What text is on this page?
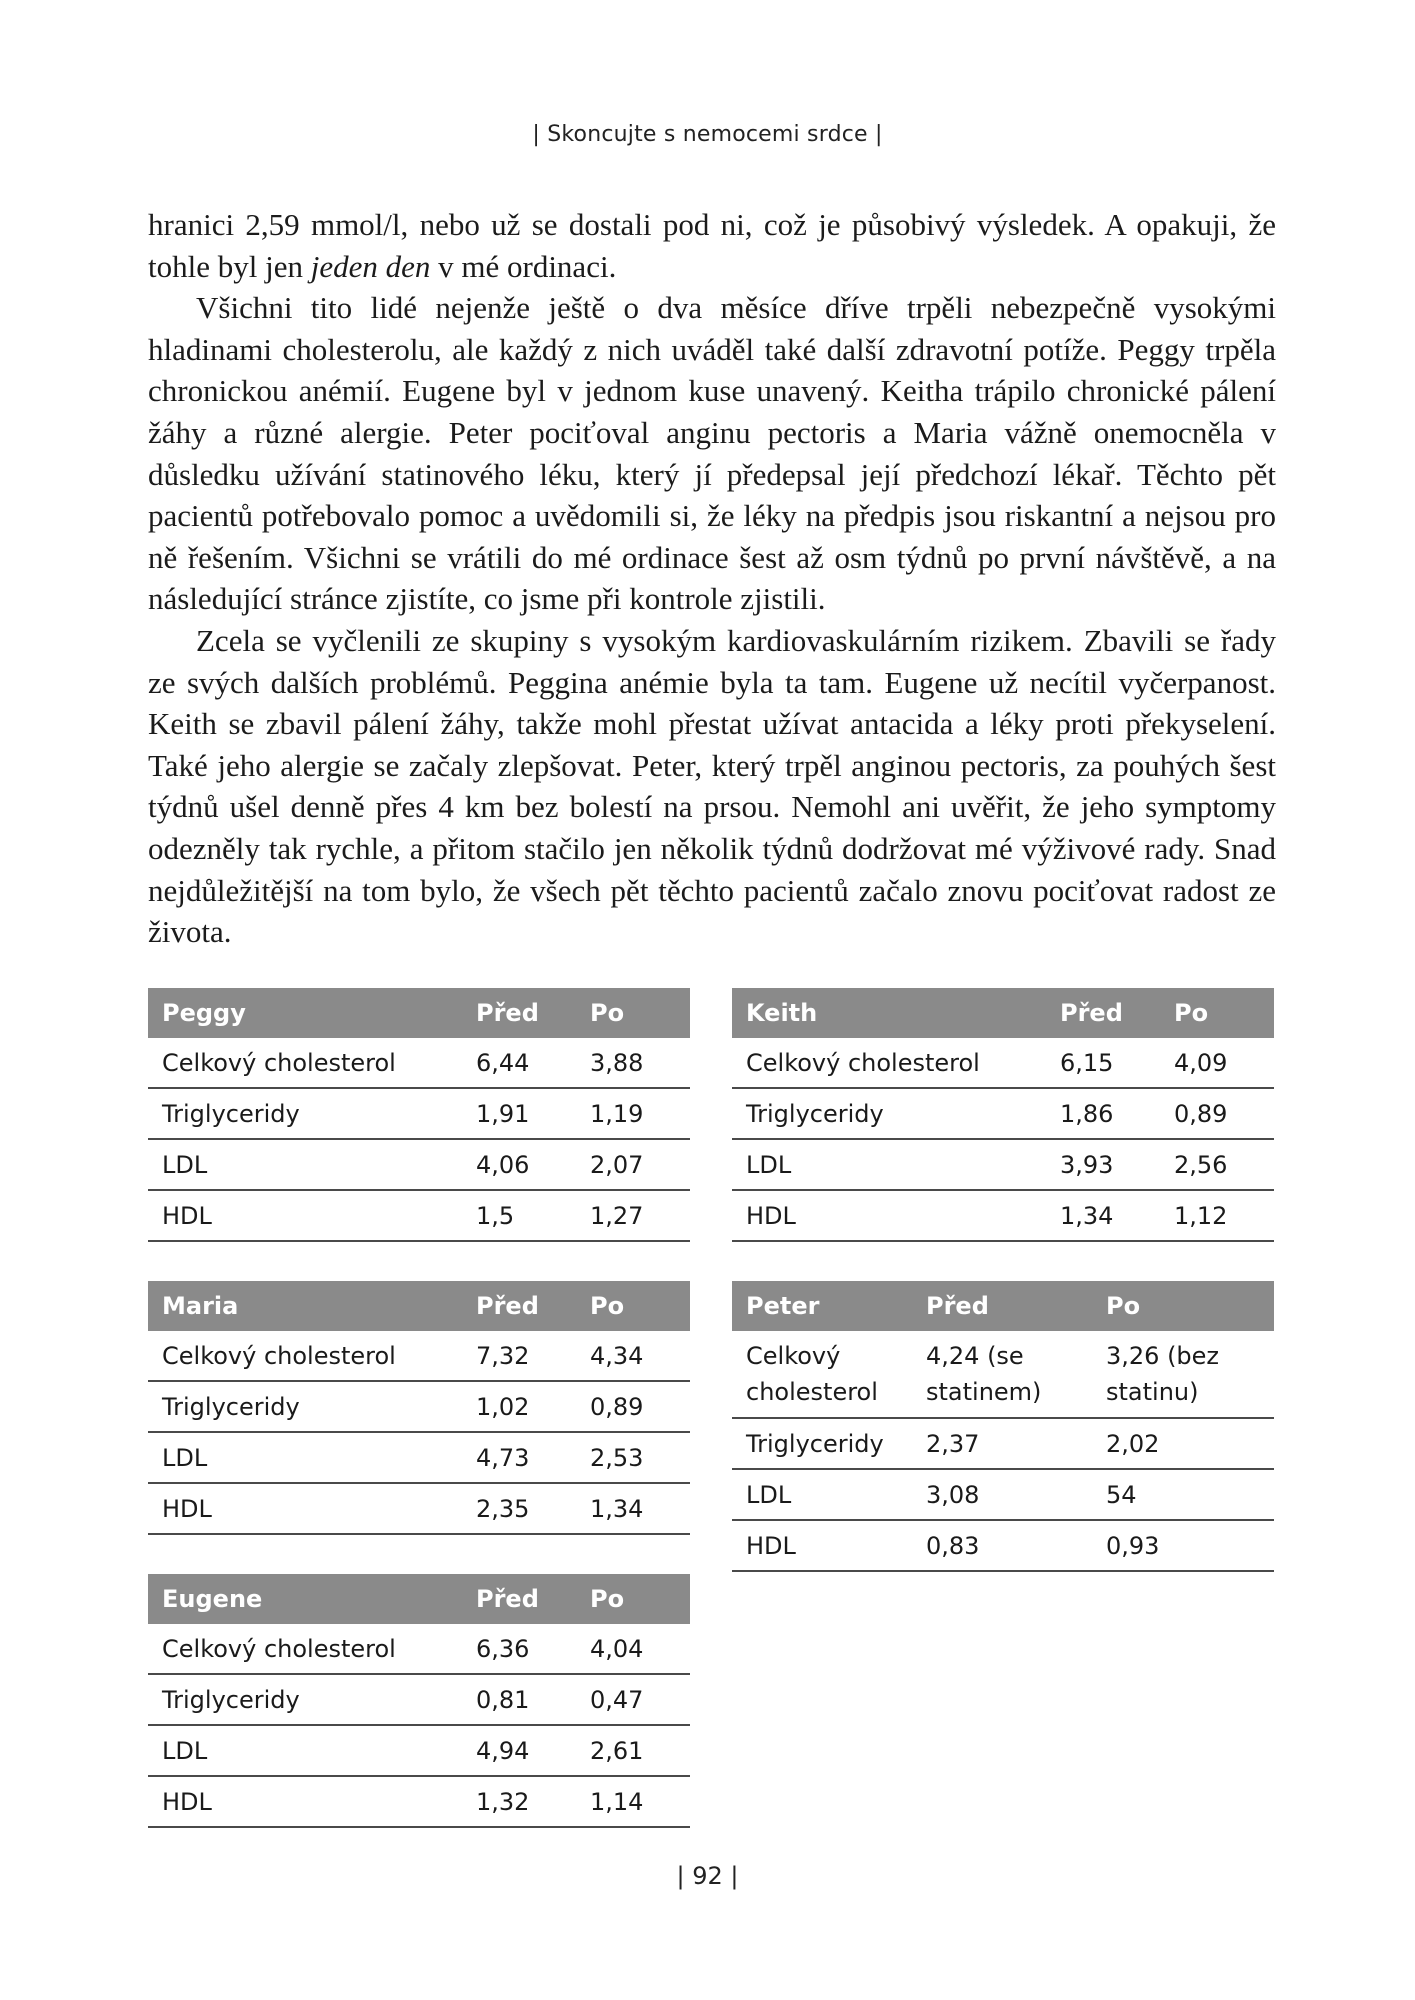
| Skoncujte s nemocemi srdce |

hranici 2,59 mmol/l, nebo už se dostali pod ni, což je působivý výsledek. A opakuji, že tohle byl jen jeden den v mé ordinaci.

Všichni tito lidé nejenže ještě o dva měsíce dříve trpěli nebezpečně vysokými hladinami cholesterolu, ale každý z nich uváděl také další zdravotní potíže. Peggy trpěla chronickou anémií. Eugene byl v jednom kuse unavený. Keitha trápilo chronické pálení žáhy a různé alergie. Peter pociťoval anginu pectoris a Maria vážně onemocněla v důsledku užívání statinového léku, který jí předepsal její předchozí lékař. Těchto pět pacientů potřebovalo pomoc a uvědomili si, že léky na předpis jsou riskantní a nejsou pro ně řešením. Všichni se vrátili do mé ordinace šest až osm týdnů po první návštěvě, a na následující stránce zjistíte, co jsme při kontrole zjistili.

Zcela se vyčlenili ze skupiny s vysokým kardiovaskulárním rizikem. Zbavili se řady ze svých dalších problémů. Peggina anémie byla ta tam. Eugene už necítil vyčerpanost. Keith se zbavil pálení žáhy, takže mohl přestat užívat antacida a léky proti překyselení. Také jeho alergie se začaly zlepšovat. Peter, který trpěl anginou pectoris, za pouhých šest týdnů ušel denně přes 4 km bez bolestí na prsou. Nemohl ani uvěřit, že jeho symptomy odezněly tak rychle, a přitom stačilo jen několik týdnů dodržovat mé výživové rady. Snad nejdůležitější na tom bylo, že všech pět těchto pacientů začalo znovu pociťovat radost ze života.

Peggy	Před	Po
Celkový cholesterol	6,44	3,88
Triglyceridy	1,91	1,19
LDL	4,06	2,07
HDL	1,5	1,27
Keith	Před	Po
Celkový cholesterol	6,15	4,09
Triglyceridy	1,86	0,89
LDL	3,93	2,56
HDL	1,34	1,12
Maria	Před	Po
Celkový cholesterol	7,32	4,34
Triglyceridy	1,02	0,89
LDL	4,73	2,53
HDL	2,35	1,34
Peter	Před	Po
Celkový cholesterol	4,24 (se statinem)	3,26 (bez statinu)
Triglyceridy	2,37	2,02
LDL	3,08	54
HDL	0,83	0,93
Eugene	Před	Po
Celkový cholesterol	6,36	4,04
Triglyceridy	0,81	0,47
LDL	4,94	2,61
HDL	1,32	1,14
| 92 |
